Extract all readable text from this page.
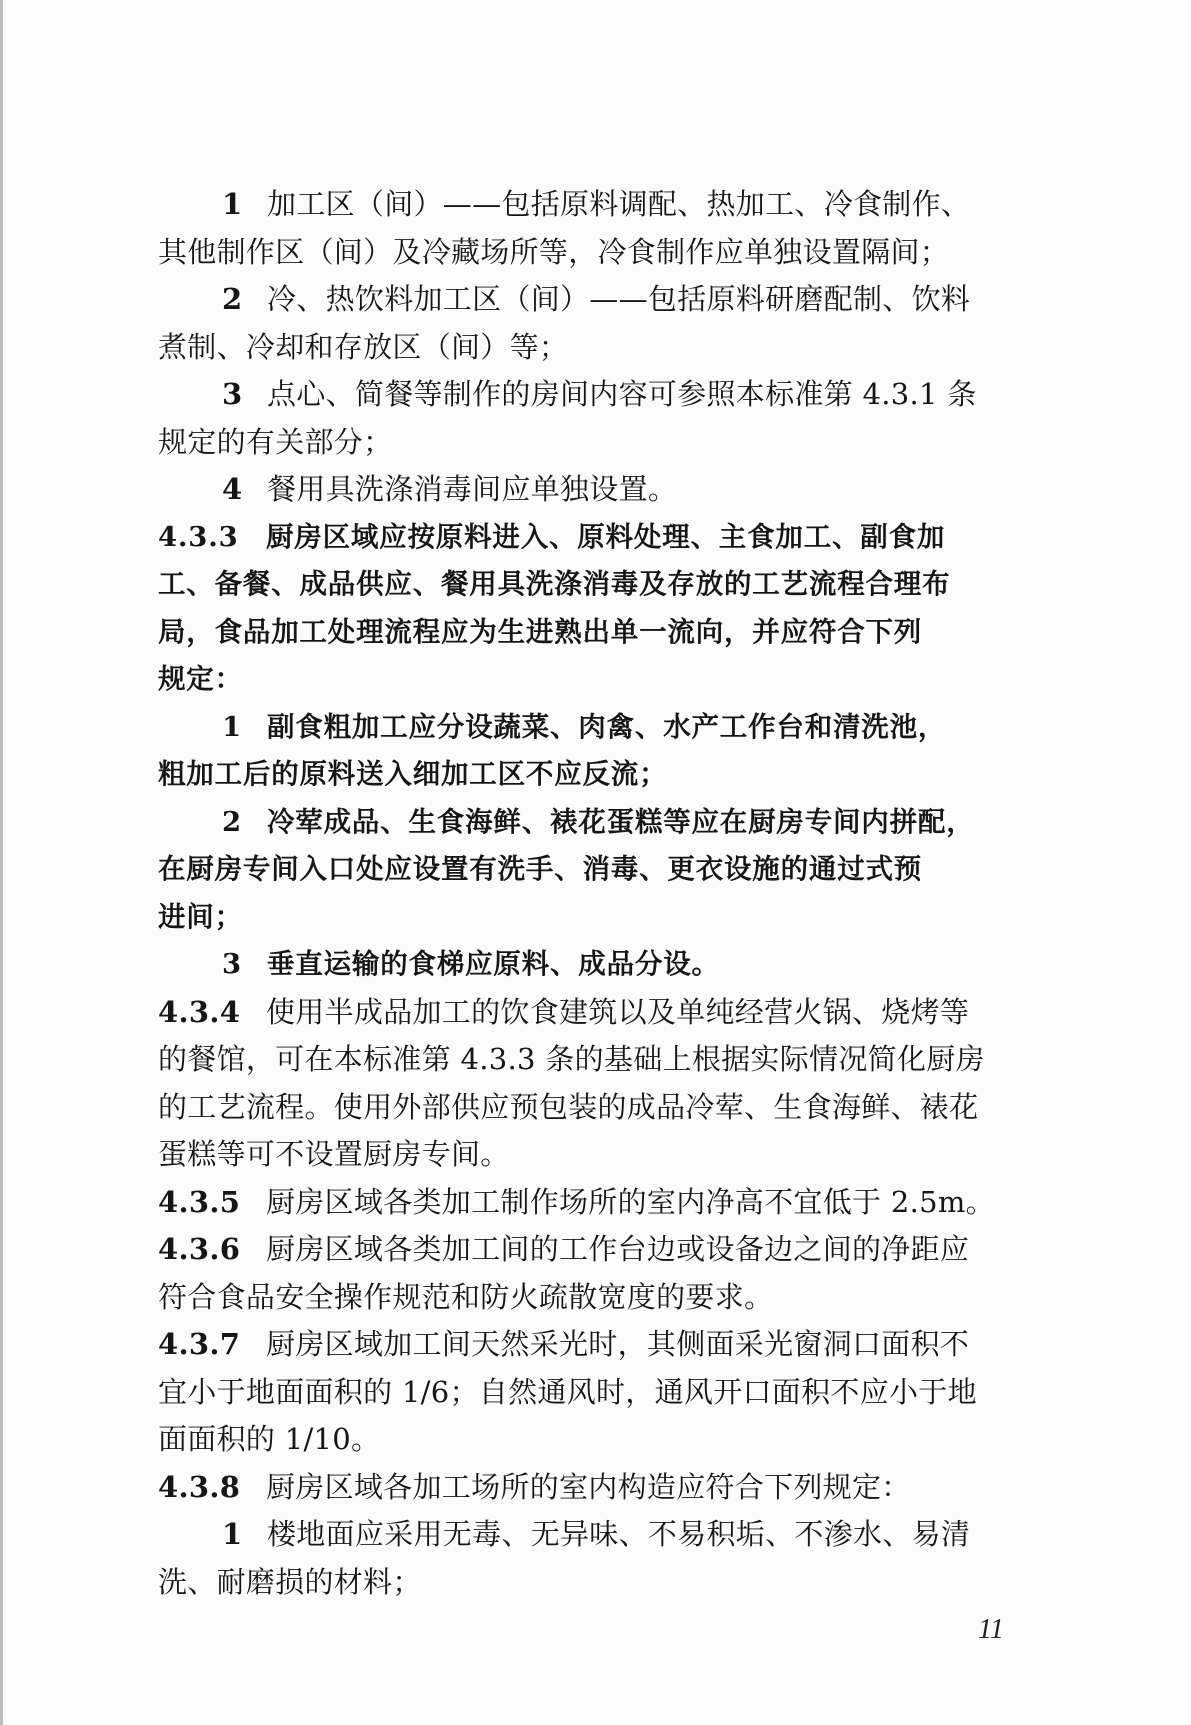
1 加工区（间）——包括原料调配、热加工、冷食制作、
其他制作区（间）及冷藏场所等，冷食制作应单独设置隔间；
2 冷、热饮料加工区（间）——包括原料研磨配制、饮料
煮制、冷却和存放区（间）等；
3 点心、简餐等制作的房间内容可参照本标准第 4.3.1 条
规定的有关部分；
4 餐用具洗涤消毒间应单独设置。
4.3.3 厨房区域应按原料进入、原料处理、主食加工、副食加
工、备餐、成品供应、餐用具洗涤消毒及存放的工艺流程合理布
局，食品加工处理流程应为生进熟出单一流向，并应符合下列
规定：
1 副食粗加工应分设蔬菜、肉禽、水产工作台和清洗池，
粗加工后的原料送入细加工区不应反流；
2 冷荤成品、生食海鲜、裱花蛋糕等应在厨房专间内拼配，
在厨房专间入口处应设置有洗手、消毒、更衣设施的通过式预
进间；
3 垂直运输的食梯应原料、成品分设。
4.3.4 使用半成品加工的饮食建筑以及单纯经营火锅、烧烤等
的餐馆，可在本标准第 4.3.3 条的基础上根据实际情况简化厨房
的工艺流程。使用外部供应预包装的成品冷荤、生食海鲜、裱花
蛋糕等可不设置厨房专间。
4.3.5 厨房区域各类加工制作场所的室内净高不宜低于 2.5m。
4.3.6 厨房区域各类加工间的工作台边或设备边之间的净距应
符合食品安全操作规范和防火疏散宽度的要求。
4.3.7 厨房区域加工间天然采光时，其侧面采光窗洞口面积不
宜小于地面面积的 1/6；自然通风时，通风开口面积不应小于地
面面积的 1/10。
4.3.8 厨房区域各加工场所的室内构造应符合下列规定：
1 楼地面应采用无毒、无异味、不易积垢、不渗水、易清
洗、耐磨损的材料；
11
